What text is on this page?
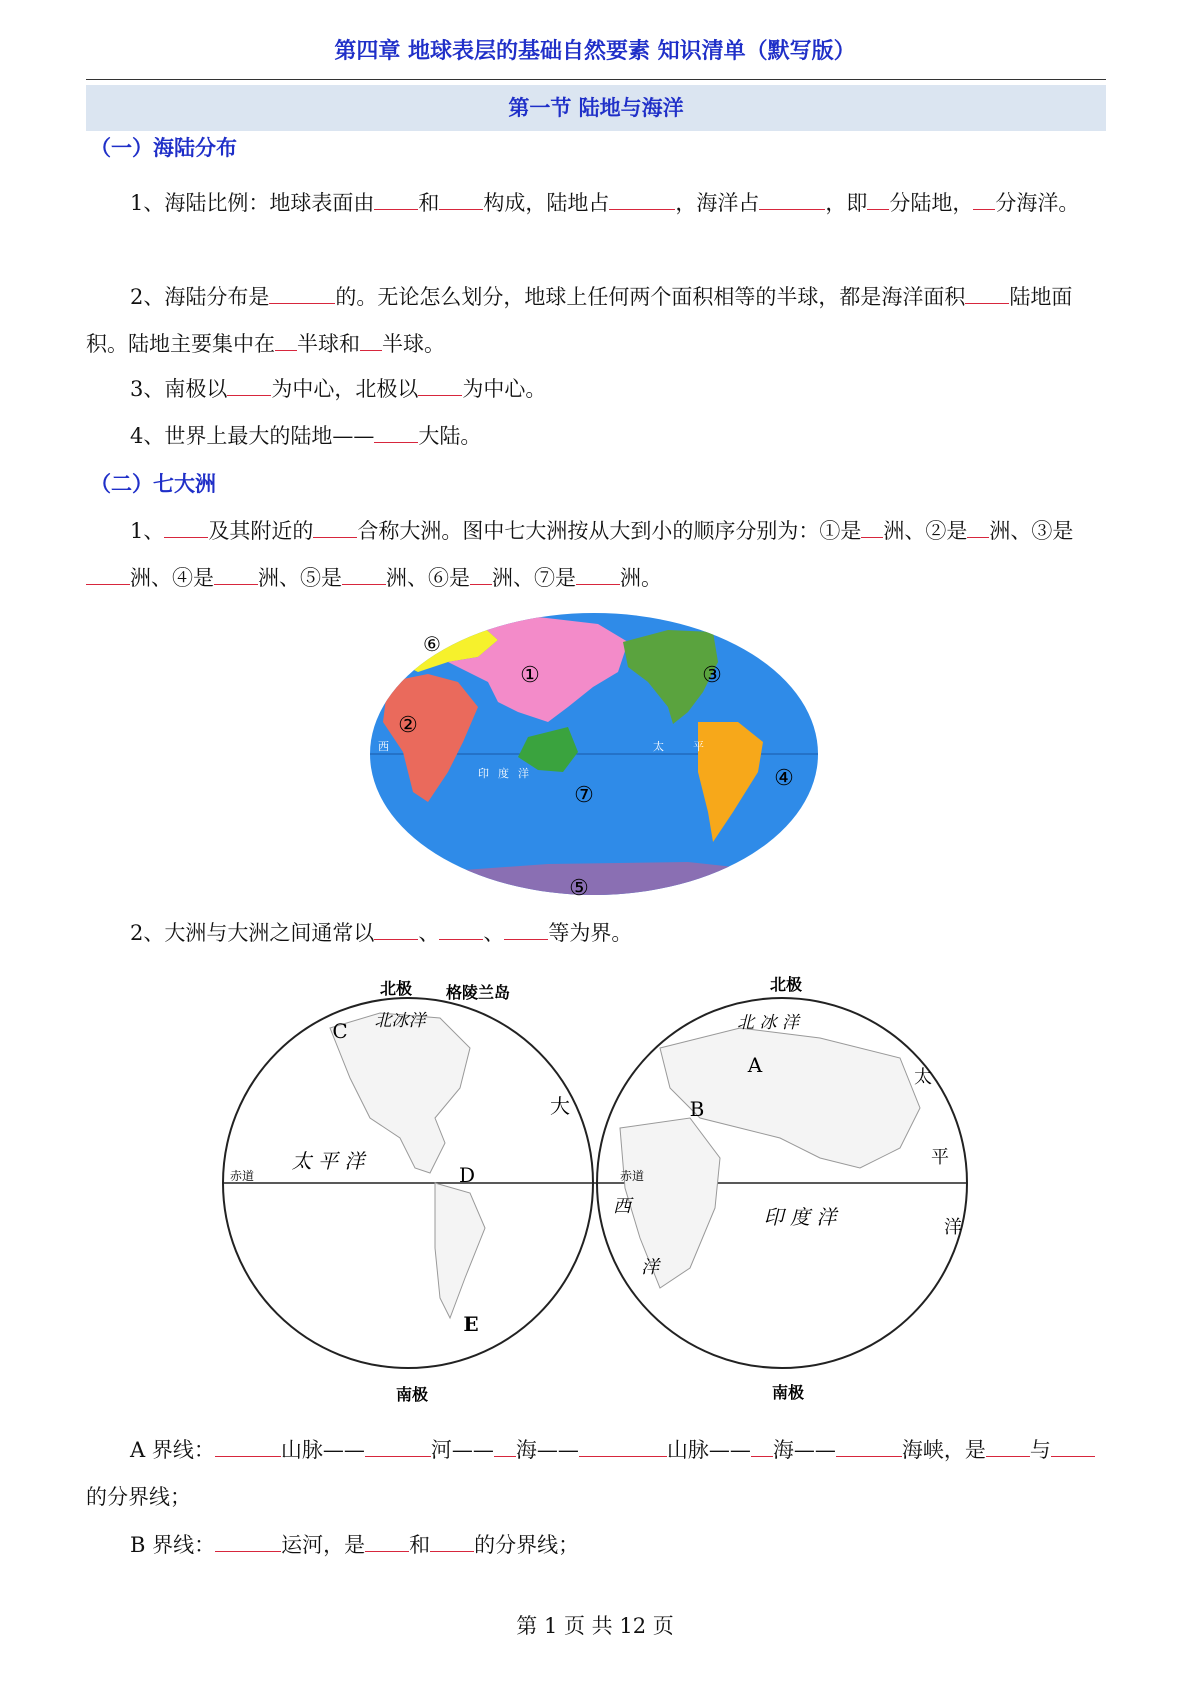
第四章 地球表层的基础自然要素 知识清单（默写版）
第一节 陆地与海洋
（一）海陆分布
1、海陆比例：地球表面由 和 构成，陆地占	，海洋占	，即 分陆地， 分海洋。
2、海陆分布是	的。无论怎么划分，地球上任何两个面积相等的半球，都是海洋面积 陆地面积。陆地主要集中在 半球和 半球。
3、南极以 为中心，北极以 为中心。
4、世界上最大的陆地—— 大陆。
（二）七大洲
1、 及其附近的 合称大洲。图中七大洲按从大到小的顺序分别为：①是 洲、②是 洲、③是洲、④是 洲、⑤是 洲、⑥是 洲、⑦是 洲。
⑥
①
②
③
④
⑤
⑦
太	平
印 度 洋
西
2、大洲与大洲之间通常以 、 、 等为界。
北极 格陵兰岛
北冰洋
C
大
太 平 洋
D
赤道
E
南极
北极
北 冰 洋
A
B
太
平
洋
赤道
西
洋
印 度 洋
南极
A 界线：	山脉——	河—— 海——	山脉—— 海——	海峡，是 与的分界线；
B 界线：	运河，是 和 的分界线；
第 1 页 共 12 页
